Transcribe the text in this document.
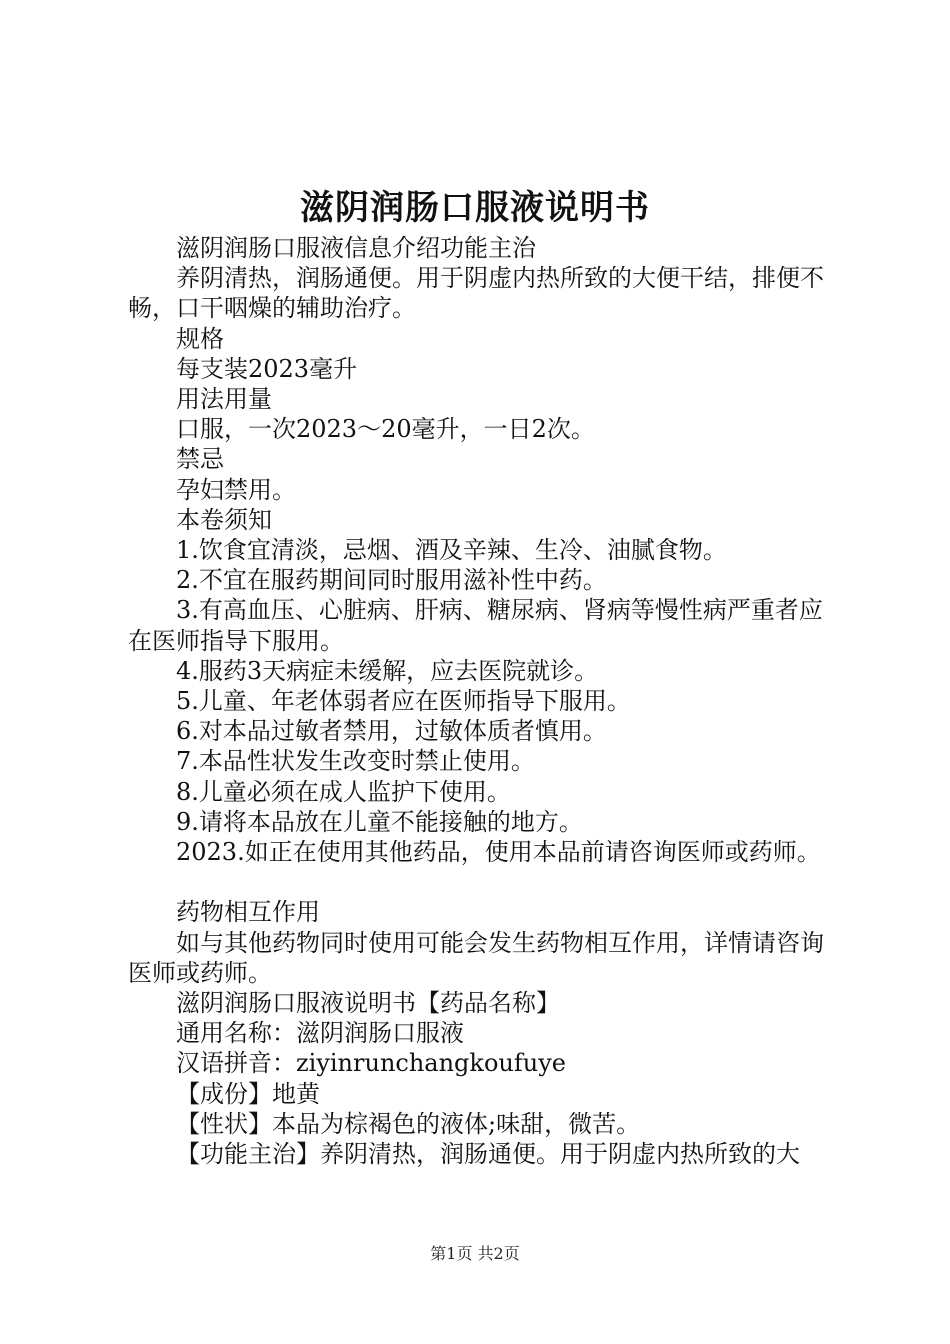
滋阴润肠口服液说明书

滋阴润肠口服液信息介绍功能主治

养阴清热，润肠通便。用于阴虚内热所致的大便干结，排便不畅，口干咽燥的辅助治疗。

规格

每支装2023毫升

用法用量

口服，一次2023～20毫升，一日2次。

禁忌

孕妇禁用。

本卷须知

1.饮食宜清淡，忌烟、酒及辛辣、生冷、油腻食物。

2.不宜在服药期间同时服用滋补性中药。

3.有高血压、心脏病、肝病、糖尿病、肾病等慢性病严重者应在医师指导下服用。

4.服药3天病症未缓解，应去医院就诊。

5.儿童、年老体弱者应在医师指导下服用。

6.对本品过敏者禁用，过敏体质者慎用。

7.本品性状发生改变时禁止使用。

8.儿童必须在成人监护下使用。

9.请将本品放在儿童不能接触的地方。

2023.如正在使用其他药品，使用本品前请咨询医师或药师。

药物相互作用

如与其他药物同时使用可能会发生药物相互作用，详情请咨询医师或药师。

滋阴润肠口服液说明书【药品名称】

通用名称：滋阴润肠口服液

汉语拼音：ziyinrunchangkoufuye

【成份】地黄

【性状】本品为棕褐色的液体;味甜，微苦。

【功能主治】养阴清热，润肠通便。用于阴虚内热所致的大

第1页 共2页
